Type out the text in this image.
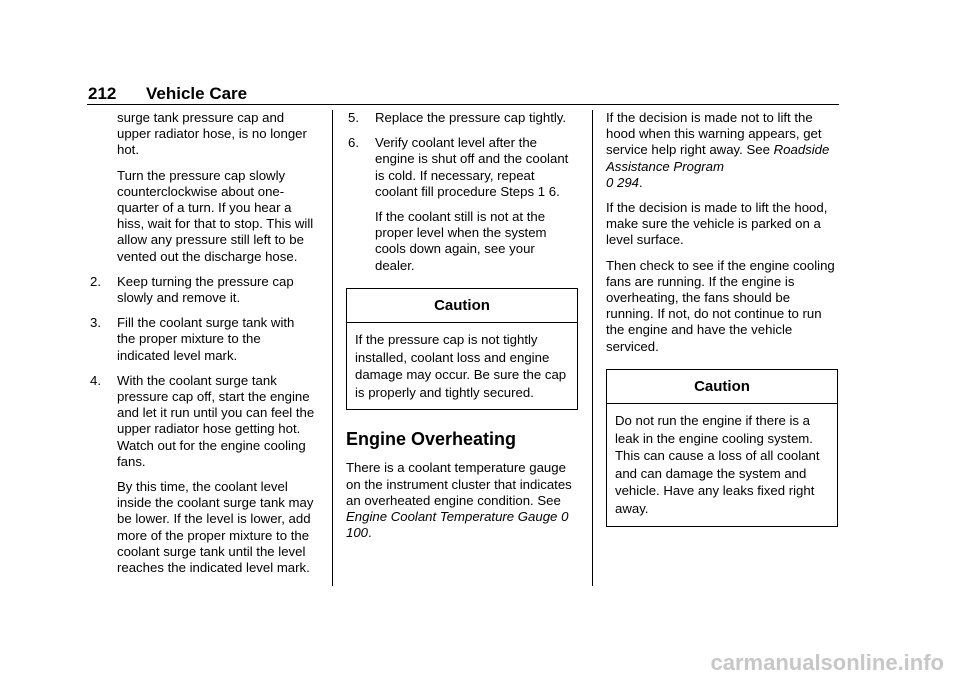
212 Vehicle Care

surge tank pressure cap and upper radiator hose, is no longer hot.

Turn the pressure cap slowly counterclockwise about one-quarter of a turn. If you hear a hiss, wait for that to stop. This will allow any pressure still left to be vented out the discharge hose.

2.	Keep turning the pressure cap slowly and remove it.
3.	Fill the coolant surge tank with the proper mixture to the indicated level mark.
4.	With the coolant surge tank pressure cap off, start the engine and let it run until you can feel the upper radiator hose getting hot. Watch out for the engine cooling fans.

By this time, the coolant level inside the coolant surge tank may be lower. If the level is lower, add more of the proper mixture to the coolant surge tank until the level reaches the indicated level mark.

5.	Replace the pressure cap tightly.
6.	Verify coolant level after the engine is shut off and the coolant is cold. If necessary, repeat coolant fill procedure Steps 1 6.

If the coolant still is not at the proper level when the system cools down again, see your dealer.

Caution
If the pressure cap is not tightly installed, coolant loss and engine damage may occur. Be sure the cap is properly and tightly secured.
Engine Overheating

There is a coolant temperature gauge on the instrument cluster that indicates an overheated engine condition. See Engine Coolant Temperature Gauge 0 100.

If the decision is made not to lift the hood when this warning appears, get service help right away. See Roadside Assistance Program
0 294.

If the decision is made to lift the hood, make sure the vehicle is parked on a level surface.

Then check to see if the engine cooling fans are running. If the engine is overheating, the fans should be running. If not, do not continue to run the engine and have the vehicle serviced.

Caution
Do not run the engine if there is a leak in the engine cooling system. This can cause a loss of all coolant and can damage the system and vehicle. Have any leaks fixed right away.
carmanualsonline.info
